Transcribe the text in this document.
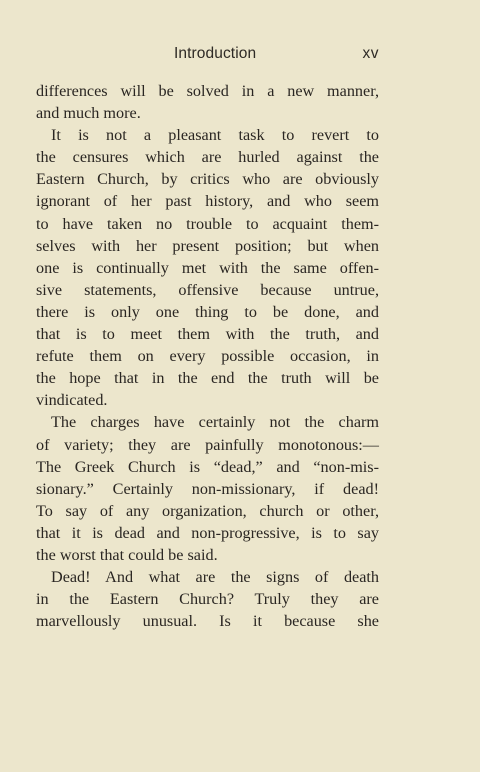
Introduction	xv
differences will be solved in a new manner,
and much more.
It is not a pleasant task to revert to
the censures which are hurled against the
Eastern Church, by critics who are obviously
ignorant of her past history, and who seem
to have taken no trouble to acquaint them-
selves with her present position; but when
one is continually met with the same offen-
sive statements, offensive because untrue,
there is only one thing to be done, and
that is to meet them with the truth, and
refute them on every possible occasion, in
the hope that in the end the truth will be
vindicated.
The charges have certainly not the charm
of variety; they are painfully monotonous:—
The Greek Church is “dead,” and “non-mis-
sionary.” Certainly non-missionary, if dead!
To say of any organization, church or other,
that it is dead and non-progressive, is to say
the worst that could be said.
Dead! And what are the signs of death
in the Eastern Church? Truly they are
marvellously unusual. Is it because she
